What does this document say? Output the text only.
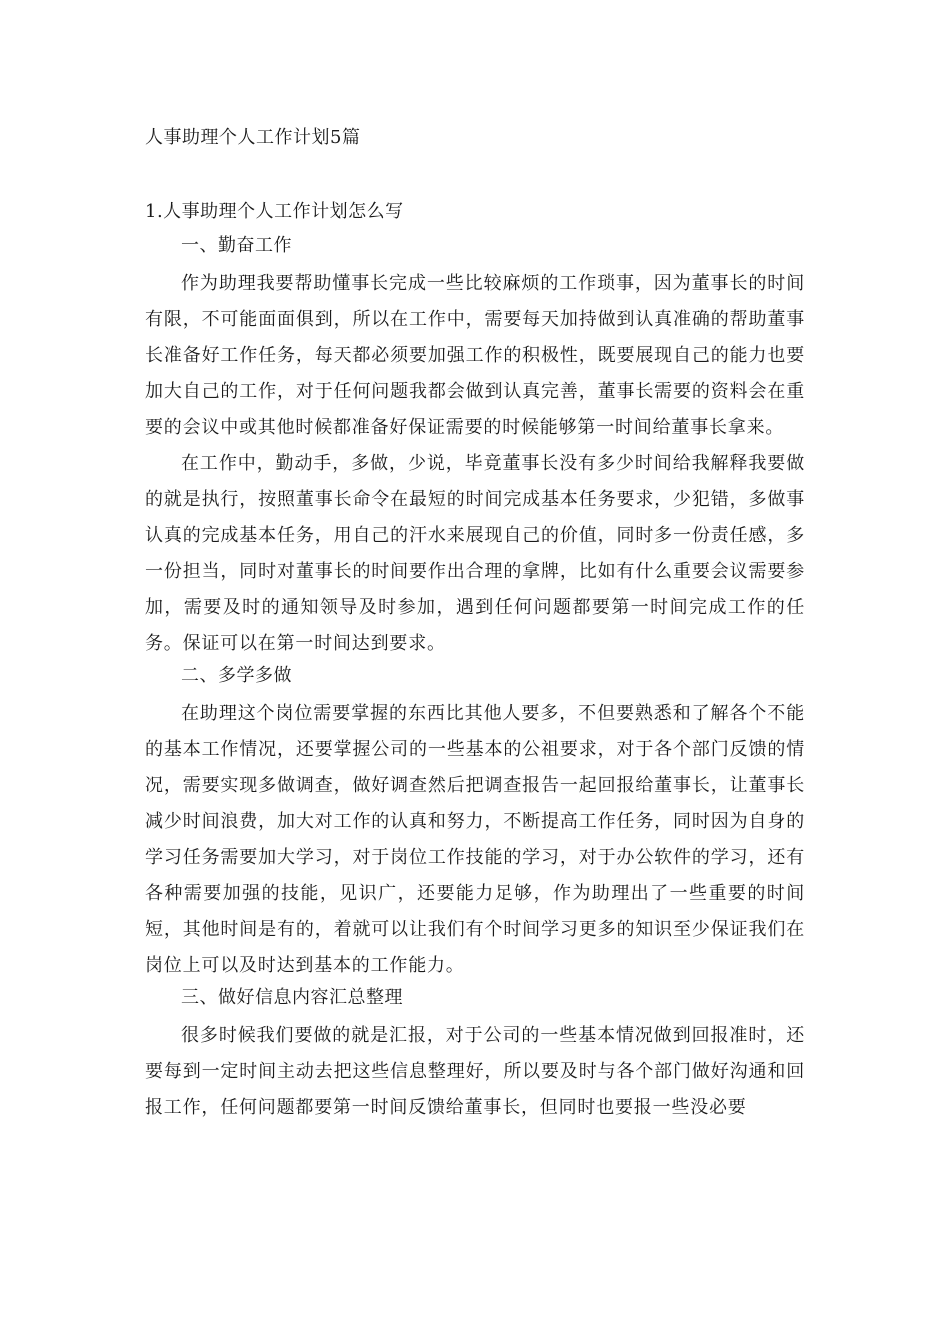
人事助理个人工作计划5篇

1.人事助理个人工作计划怎么写

一、勤奋工作

作为助理我要帮助懂事长完成一些比较麻烦的工作琐事，因为董事长的时间有限，不可能面面俱到，所以在工作中，需要每天加持做到认真准确的帮助董事长准备好工作任务，每天都必须要加强工作的积极性，既要展现自己的能力也要加大自己的工作，对于任何问题我都会做到认真完善，董事长需要的资料会在重要的会议中或其他时候都准备好保证需要的时候能够第一时间给董事长拿来。

在工作中，勤动手，多做，少说，毕竟董事长没有多少时间给我解释我要做的就是执行，按照董事长命令在最短的时间完成基本任务要求，少犯错，多做事认真的完成基本任务，用自己的汗水来展现自己的价值，同时多一份责任感，多一份担当，同时对董事长的时间要作出合理的拿牌，比如有什么重要会议需要参加，需要及时的通知领导及时参加，遇到任何问题都要第一时间完成工作的任务。保证可以在第一时间达到要求。

二、多学多做

在助理这个岗位需要掌握的东西比其他人要多，不但要熟悉和了解各个不能的基本工作情况，还要掌握公司的一些基本的公祖要求，对于各个部门反馈的情况，需要实现多做调查，做好调查然后把调查报告一起回报给董事长，让董事长减少时间浪费，加大对工作的认真和努力，不断提高工作任务，同时因为自身的学习任务需要加大学习，对于岗位工作技能的学习，对于办公软件的学习，还有各种需要加强的技能，见识广，还要能力足够，作为助理出了一些重要的时间短，其他时间是有的，着就可以让我们有个时间学习更多的知识至少保证我们在岗位上可以及时达到基本的工作能力。

三、做好信息内容汇总整理

很多时候我们要做的就是汇报，对于公司的一些基本情况做到回报准时，还要每到一定时间主动去把这些信息整理好，所以要及时与各个部门做好沟通和回报工作，任何问题都要第一时间反馈给董事长，但同时也要报一些没必要
